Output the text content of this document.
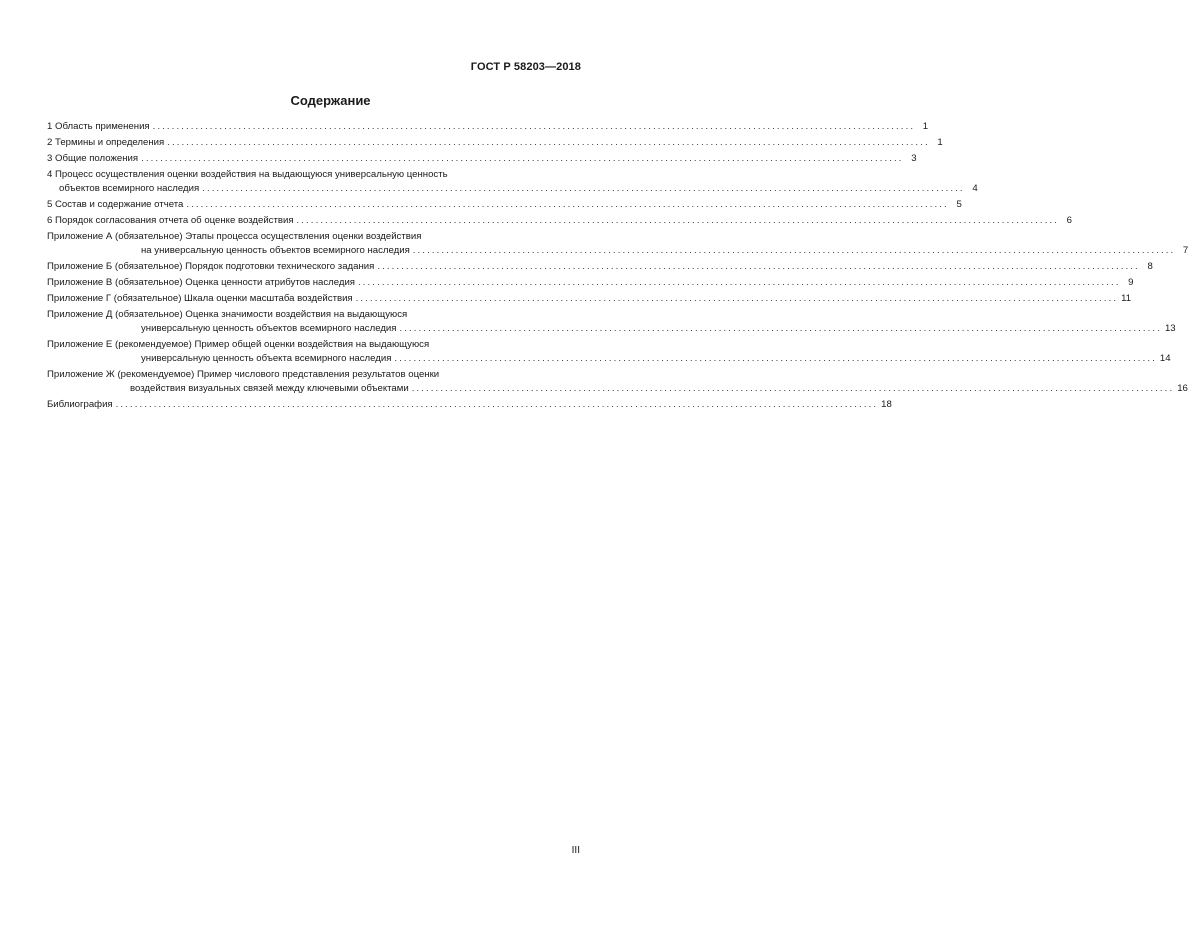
ГОСТ Р 58203—2018
Содержание
1 Область применения ................................................................................................................................................................ 1
2 Термины и определения ................................................................................................................................................................ 1
3 Общие положения ................................................................................................................................................................ 3
4 Процесс осуществления оценки воздействия на выдающуюся универсальную ценность
объектов всемирного наследия ................................................................................................................................................................ 4
5 Состав и содержание отчета ................................................................................................................................................................ 5
6 Порядок согласования отчета об оценке воздействия ................................................................................................................................................................ 6
Приложение А (обязательное) Этапы процесса осуществления оценки воздействия
на универсальную ценность объектов всемирного наследия ................................................................................................................................................................ 7
Приложение Б (обязательное) Порядок подготовки технического задания ................................................................................................................................................................ 8
Приложение В (обязательное) Оценка ценности атрибутов наследия ................................................................................................................................................................ 9
Приложение Г (обязательное) Шкала оценки масштаба воздействия ................................................................................................................................................................ 11
Приложение Д (обязательное) Оценка значимости воздействия на выдающуюся
универсальную ценность объектов всемирного наследия ................................................................................................................................................................ 13
Приложение Е (рекомендуемое) Пример общей оценки воздействия на выдающуюся
универсальную ценность объекта всемирного наследия ................................................................................................................................................................ 14
Приложение Ж (рекомендуемое) Пример числового представления результатов оценки
воздействия визуальных связей между ключевыми объектами ................................................................................................................................................................ 16
Библиография ................................................................................................................................................................ 18
III
